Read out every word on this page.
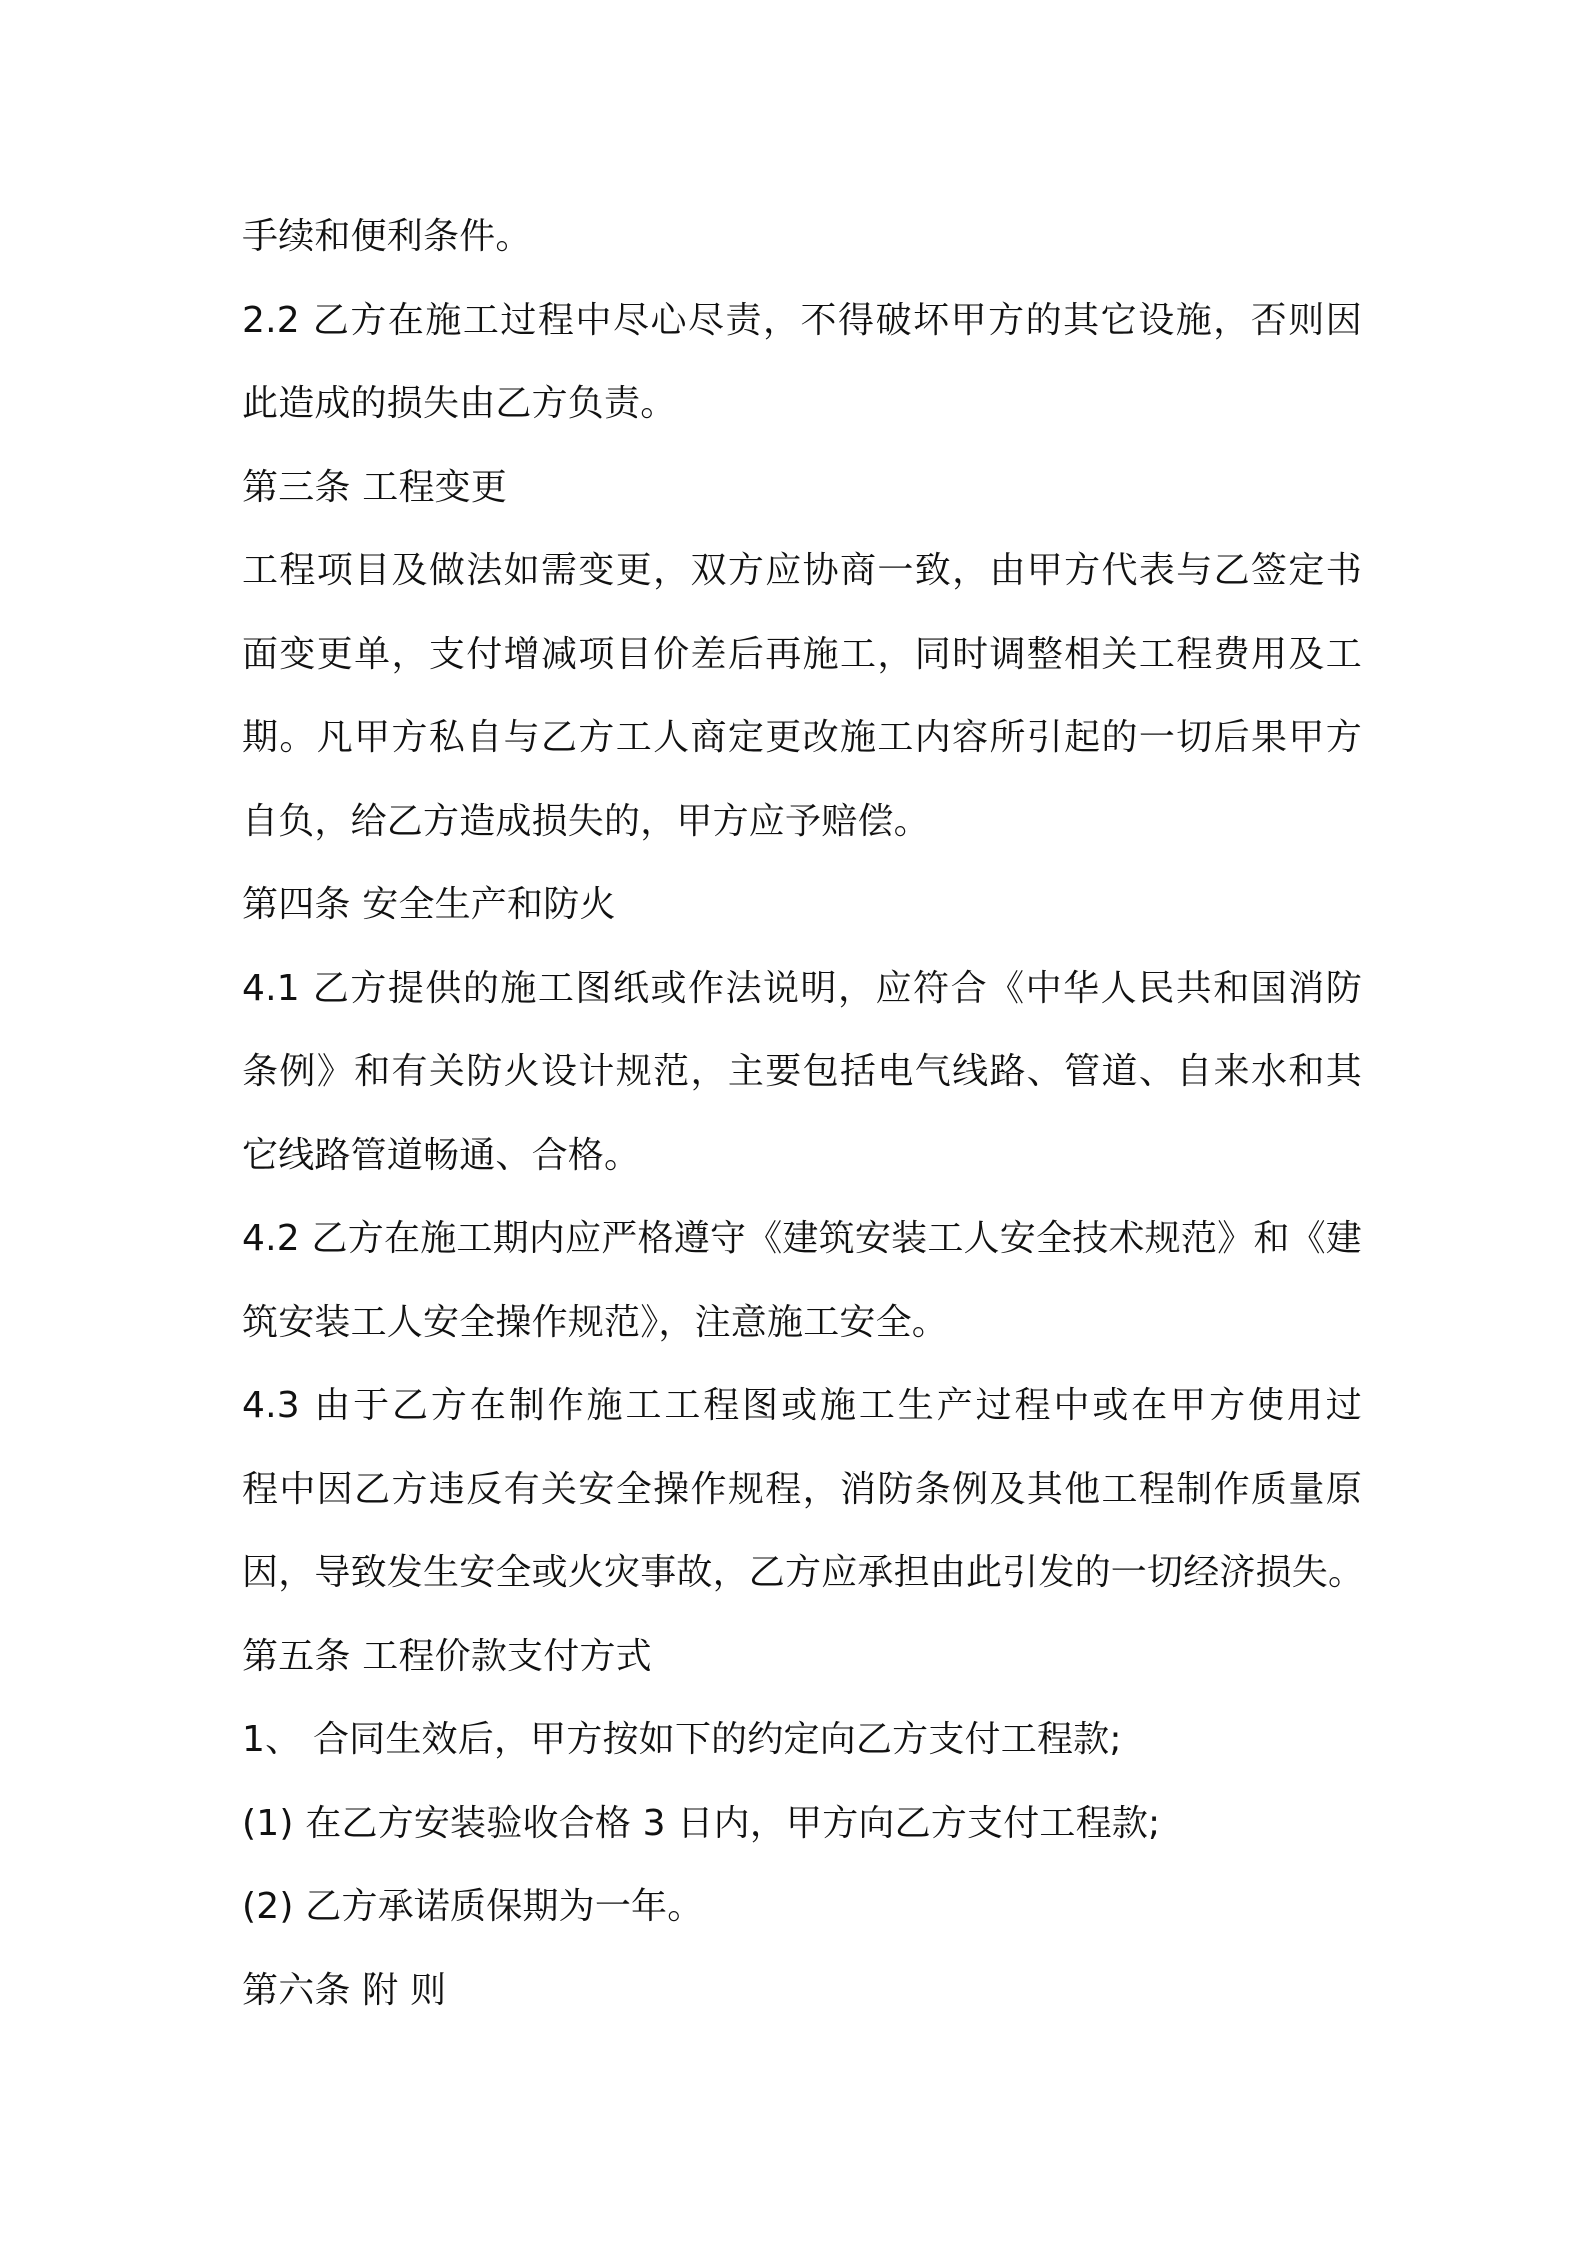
手续和便利条件。
2.2 乙方在施工过程中尽心尽责，不得破坏甲方的其它设施，否则因
此造成的损失由乙方负责。
第三条 工程变更
工程项目及做法如需变更，双方应协商一致，由甲方代表与乙签定书
面变更单，支付增减项目价差后再施工，同时调整相关工程费用及工
期。凡甲方私自与乙方工人商定更改施工内容所引起的一切后果甲方
自负，给乙方造成损失的，甲方应予赔偿。
第四条 安全生产和防火
4.1 乙方提供的施工图纸或作法说明，应符合《中华人民共和国消防
条例》和有关防火设计规范，主要包括电气线路、管道、自来水和其
它线路管道畅通、合格。
4.2 乙方在施工期内应严格遵守《建筑安装工人安全技术规范》和《建
筑安装工人安全操作规范》，注意施工安全。
4.3 由于乙方在制作施工工程图或施工生产过程中或在甲方使用过
程中因乙方违反有关安全操作规程，消防条例及其他工程制作质量原
因，导致发生安全或火灾事故，乙方应承担由此引发的一切经济损失。
第五条 工程价款支付方式
1、 合同生效后，甲方按如下的约定向乙方支付工程款;
(1) 在乙方安装验收合格 3 日内，甲方向乙方支付工程款;
(2) 乙方承诺质保期为一年。
第六条 附 则
